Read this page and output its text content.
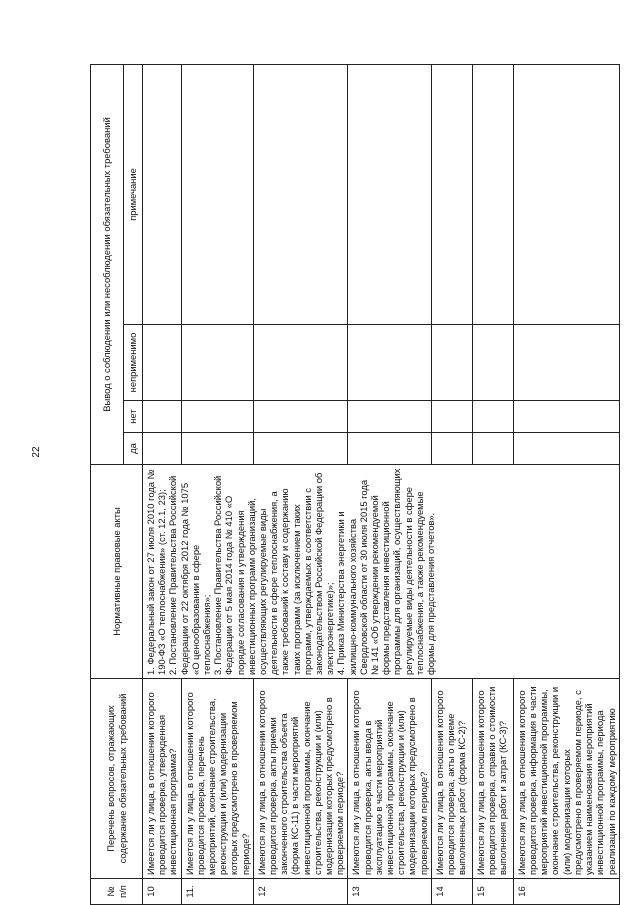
22
№ п/п	Перечень вопросов, отражающих содержание обязательных требований	Нормативные правовые акты	Вывод о соблюдении или несоблюдении обязательных требований			
			да	нет	неприменимо	примечание
10	Имеется ли у лица, в отношении которого проводится проверка, утвержденная инвестиционная программа?	1. Федеральный закон от 27 июля 2010 года № 190-ФЗ «О теплоснабжении» (ст. 12.1, 23); 2. Постановление Правительства Российской Федерации от 22 октября 2012 года № 1075 «О ценообразовании в сфере теплоснабжения»; 3. Постановление Правительства Российской Федерации от 5 мая 2014 года № 410 «О порядке согласования и утверждения инвестиционных программ организаций, осуществляющих регулируемые виды деятельности в сфере теплоснабжения, а также требований к составу и содержанию таких программ (за исключением таких программ, утверждаемых в соответствии с законодательством Российской Федерации об электроэнергетике)»; 4. Приказ Министерства энергетики и жилищно-коммунального хозяйства Свердловской области от 30 июля 2015 года № 141 «Об утверждении рекомендуемой формы представления инвестиционной программы для организаций, осуществляющих регулируемые виды деятельности в сфере теплоснабжения, а также рекомендуемые формы для представления отчетов».				

11.	Имеется ли у лица, в отношении которого проводится проверка, перечень мероприятий, окончание строительства, реконструкции и (или) модернизации которых предусмотрено в проверяемом периоде?					
12	Имеются ли у лица, в отношении которого проводится проверка, акты приемки законченного строительства объекта (форма КС-11) в части мероприятий инвестиционной программы, окончание строительства, реконструкции и (или) модернизации которых предусмотрено в проверяемом периоде?					
13	Имеются ли у лица, в отношении которого проводится проверка, акты ввода в эксплуатацию в части мероприятий инвестиционной программы, окончание строительства, реконструкции и (или) модернизации которых предусмотрено в проверяемом периоде?					
14	Имеются ли у лица, в отношении которого проводится проверка, акты о приеме выполненных работ (форма КС-2)?					
15	Имеются ли у лица, в отношении которого проводится проверка, справки о стоимости выполнения работ и затрат (КС-3)?					
16	Имеются ли у лица, в отношении которого проводится проверка, информация в части мероприятий инвестиционной программы, окончание строительства, реконструкции и (или) модернизации которых предусмотрено в проверяемом периоде, с указанием наименования мероприятий инвестиционной программы, периода реализации по каждому мероприятию					
